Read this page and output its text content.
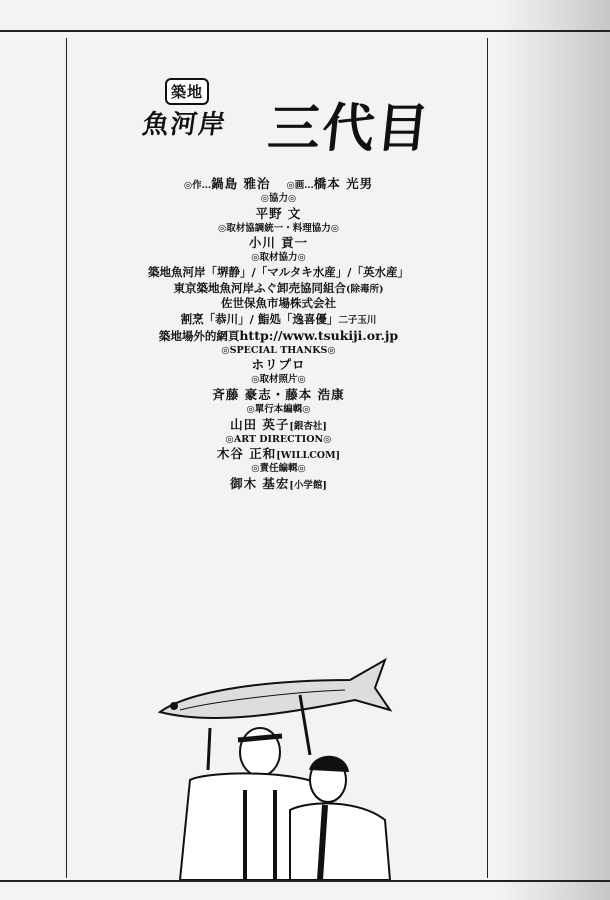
築地
魚河岸 三代目

◎作…鍋島 雅治 ◎画…橋本 光男

◎協力◎

平野 文

◎取材協調統一・料理協力◎

小川 貢一

◎取材協力◎

築地魚河岸「堺静」/「マルタキ水産」/「英水産」

東京築地魚河岸ふぐ卸売協同組合(除毒所)

佐世保魚市場株式会社

割烹「恭川」/ 鮨処「逸喜優」二子玉川

築地場外的網頁http://www.tsukiji.or.jp

◎SPECIAL THANKS◎

ホリプロ

◎取材照片◎

斉藤 豪志・藤本 浩康

◎單行本編輯◎

山田 英子[銀杏社]

◎ART DIRECTION◎

木谷 正和[WILLCOM]

◎責任編輯◎

御木 基宏[小学館]
